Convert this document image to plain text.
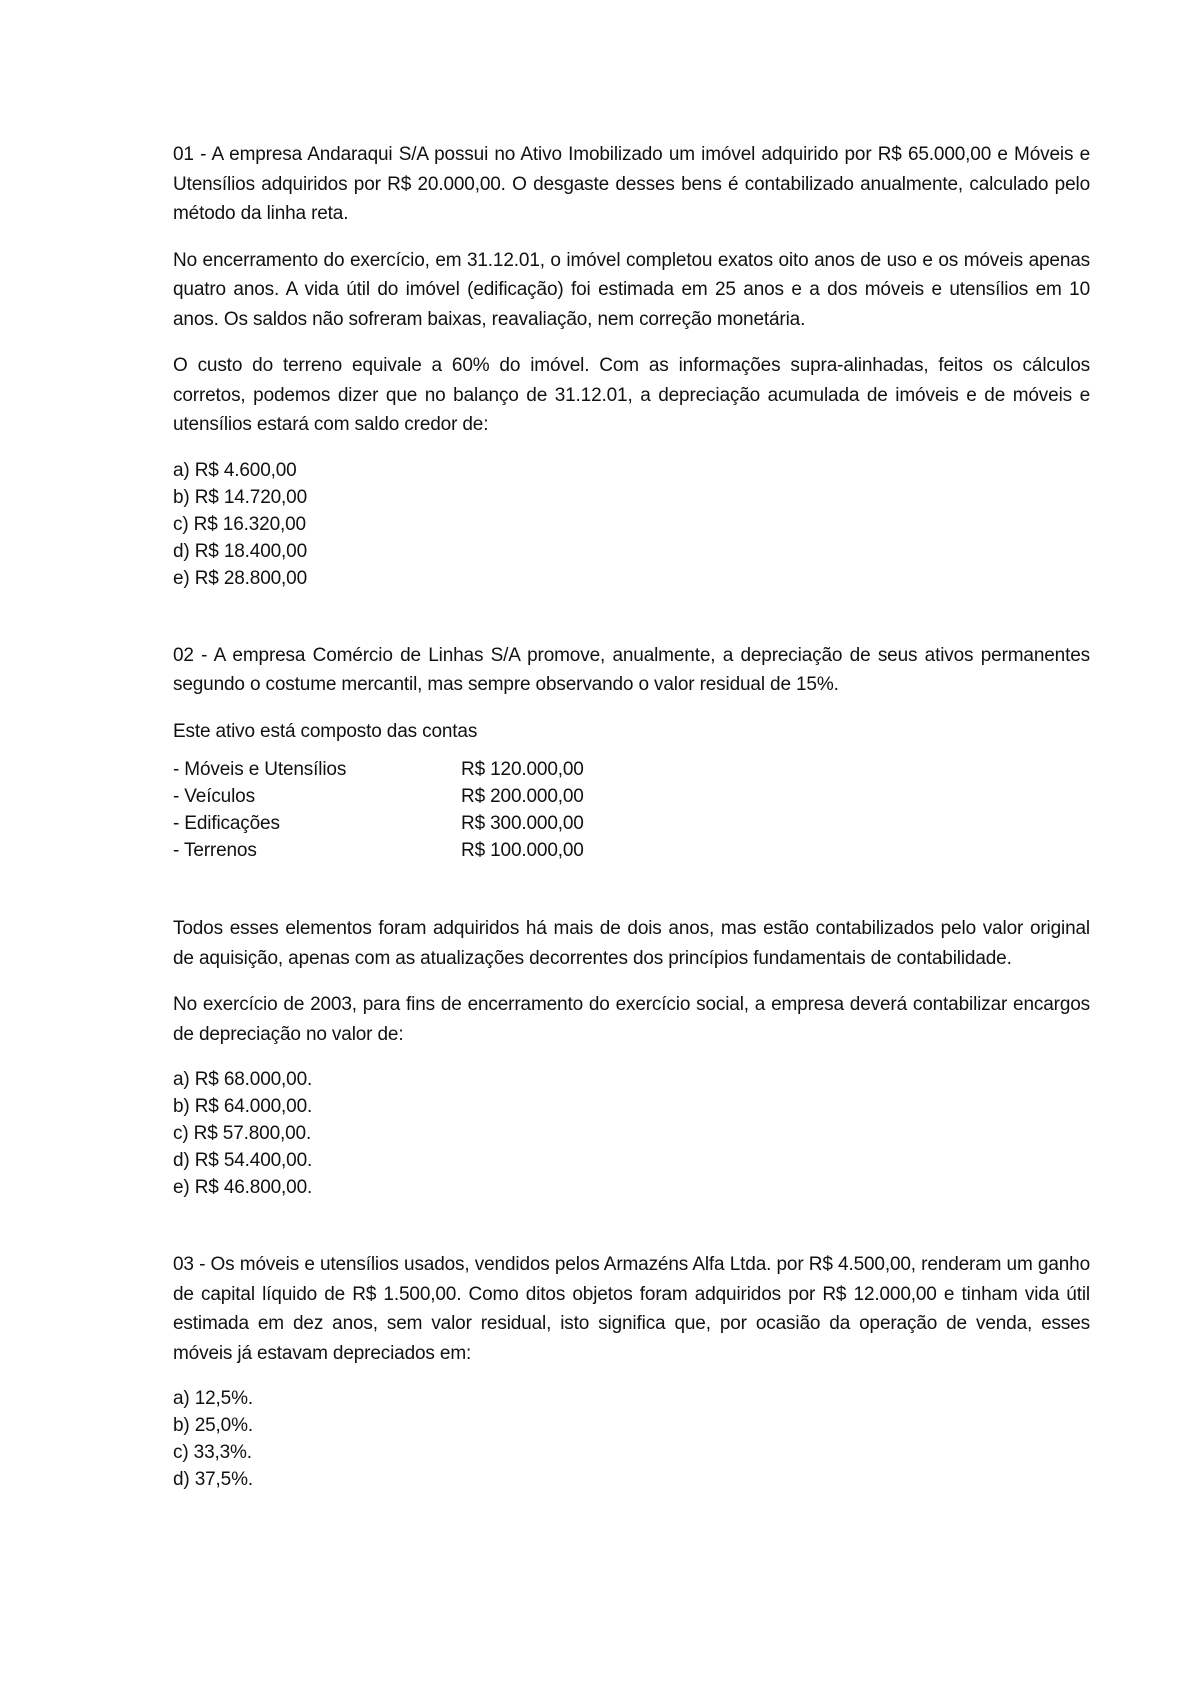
01 - A empresa Andaraqui S/A possui no Ativo Imobilizado um imóvel adquirido por R$ 65.000,00 e Móveis e Utensílios adquiridos por R$ 20.000,00. O desgaste desses bens é contabilizado anualmente, calculado pelo método da linha reta.

No encerramento do exercício, em 31.12.01, o imóvel completou exatos oito anos de uso e os móveis apenas quatro anos. A vida útil do imóvel (edificação) foi estimada em 25 anos e a dos móveis e utensílios em 10 anos. Os saldos não sofreram baixas, reavaliação, nem correção monetária.

O custo do terreno equivale a 60% do imóvel. Com as informações supra-alinhadas, feitos os cálculos corretos, podemos dizer que no balanço de 31.12.01, a depreciação acumulada de imóveis e de móveis e utensílios estará com saldo credor de:

a) R$ 4.600,00
b) R$ 14.720,00
c) R$ 16.320,00
d) R$ 18.400,00
e) R$ 28.800,00

02 - A empresa Comércio de Linhas S/A promove, anualmente, a depreciação de seus ativos permanentes segundo o costume mercantil, mas sempre observando o valor residual de 15%.

Este ativo está composto das contas

- Móveis e Utensílios	R$ 120.000,00
- Veículos	R$ 200.000,00
- Edificações	R$ 300.000,00
- Terrenos	R$ 100.000,00

Todos esses elementos foram adquiridos há mais de dois anos, mas estão contabilizados pelo valor original de aquisição, apenas com as atualizações decorrentes dos princípios fundamentais de contabilidade.

No exercício de 2003, para fins de encerramento do exercício social, a empresa deverá contabilizar encargos de depreciação no valor de:

a) R$ 68.000,00.
b) R$ 64.000,00.
c) R$ 57.800,00.
d) R$ 54.400,00.
e) R$ 46.800,00.

03 - Os móveis e utensílios usados, vendidos pelos Armazéns Alfa Ltda. por R$ 4.500,00, renderam um ganho de capital líquido de R$ 1.500,00. Como ditos objetos foram adquiridos por R$ 12.000,00 e tinham vida útil estimada em dez anos, sem valor residual, isto significa que, por ocasião da operação de venda, esses móveis já estavam depreciados em:

a) 12,5%.
b) 25,0%.
c) 33,3%.
d) 37,5%.
